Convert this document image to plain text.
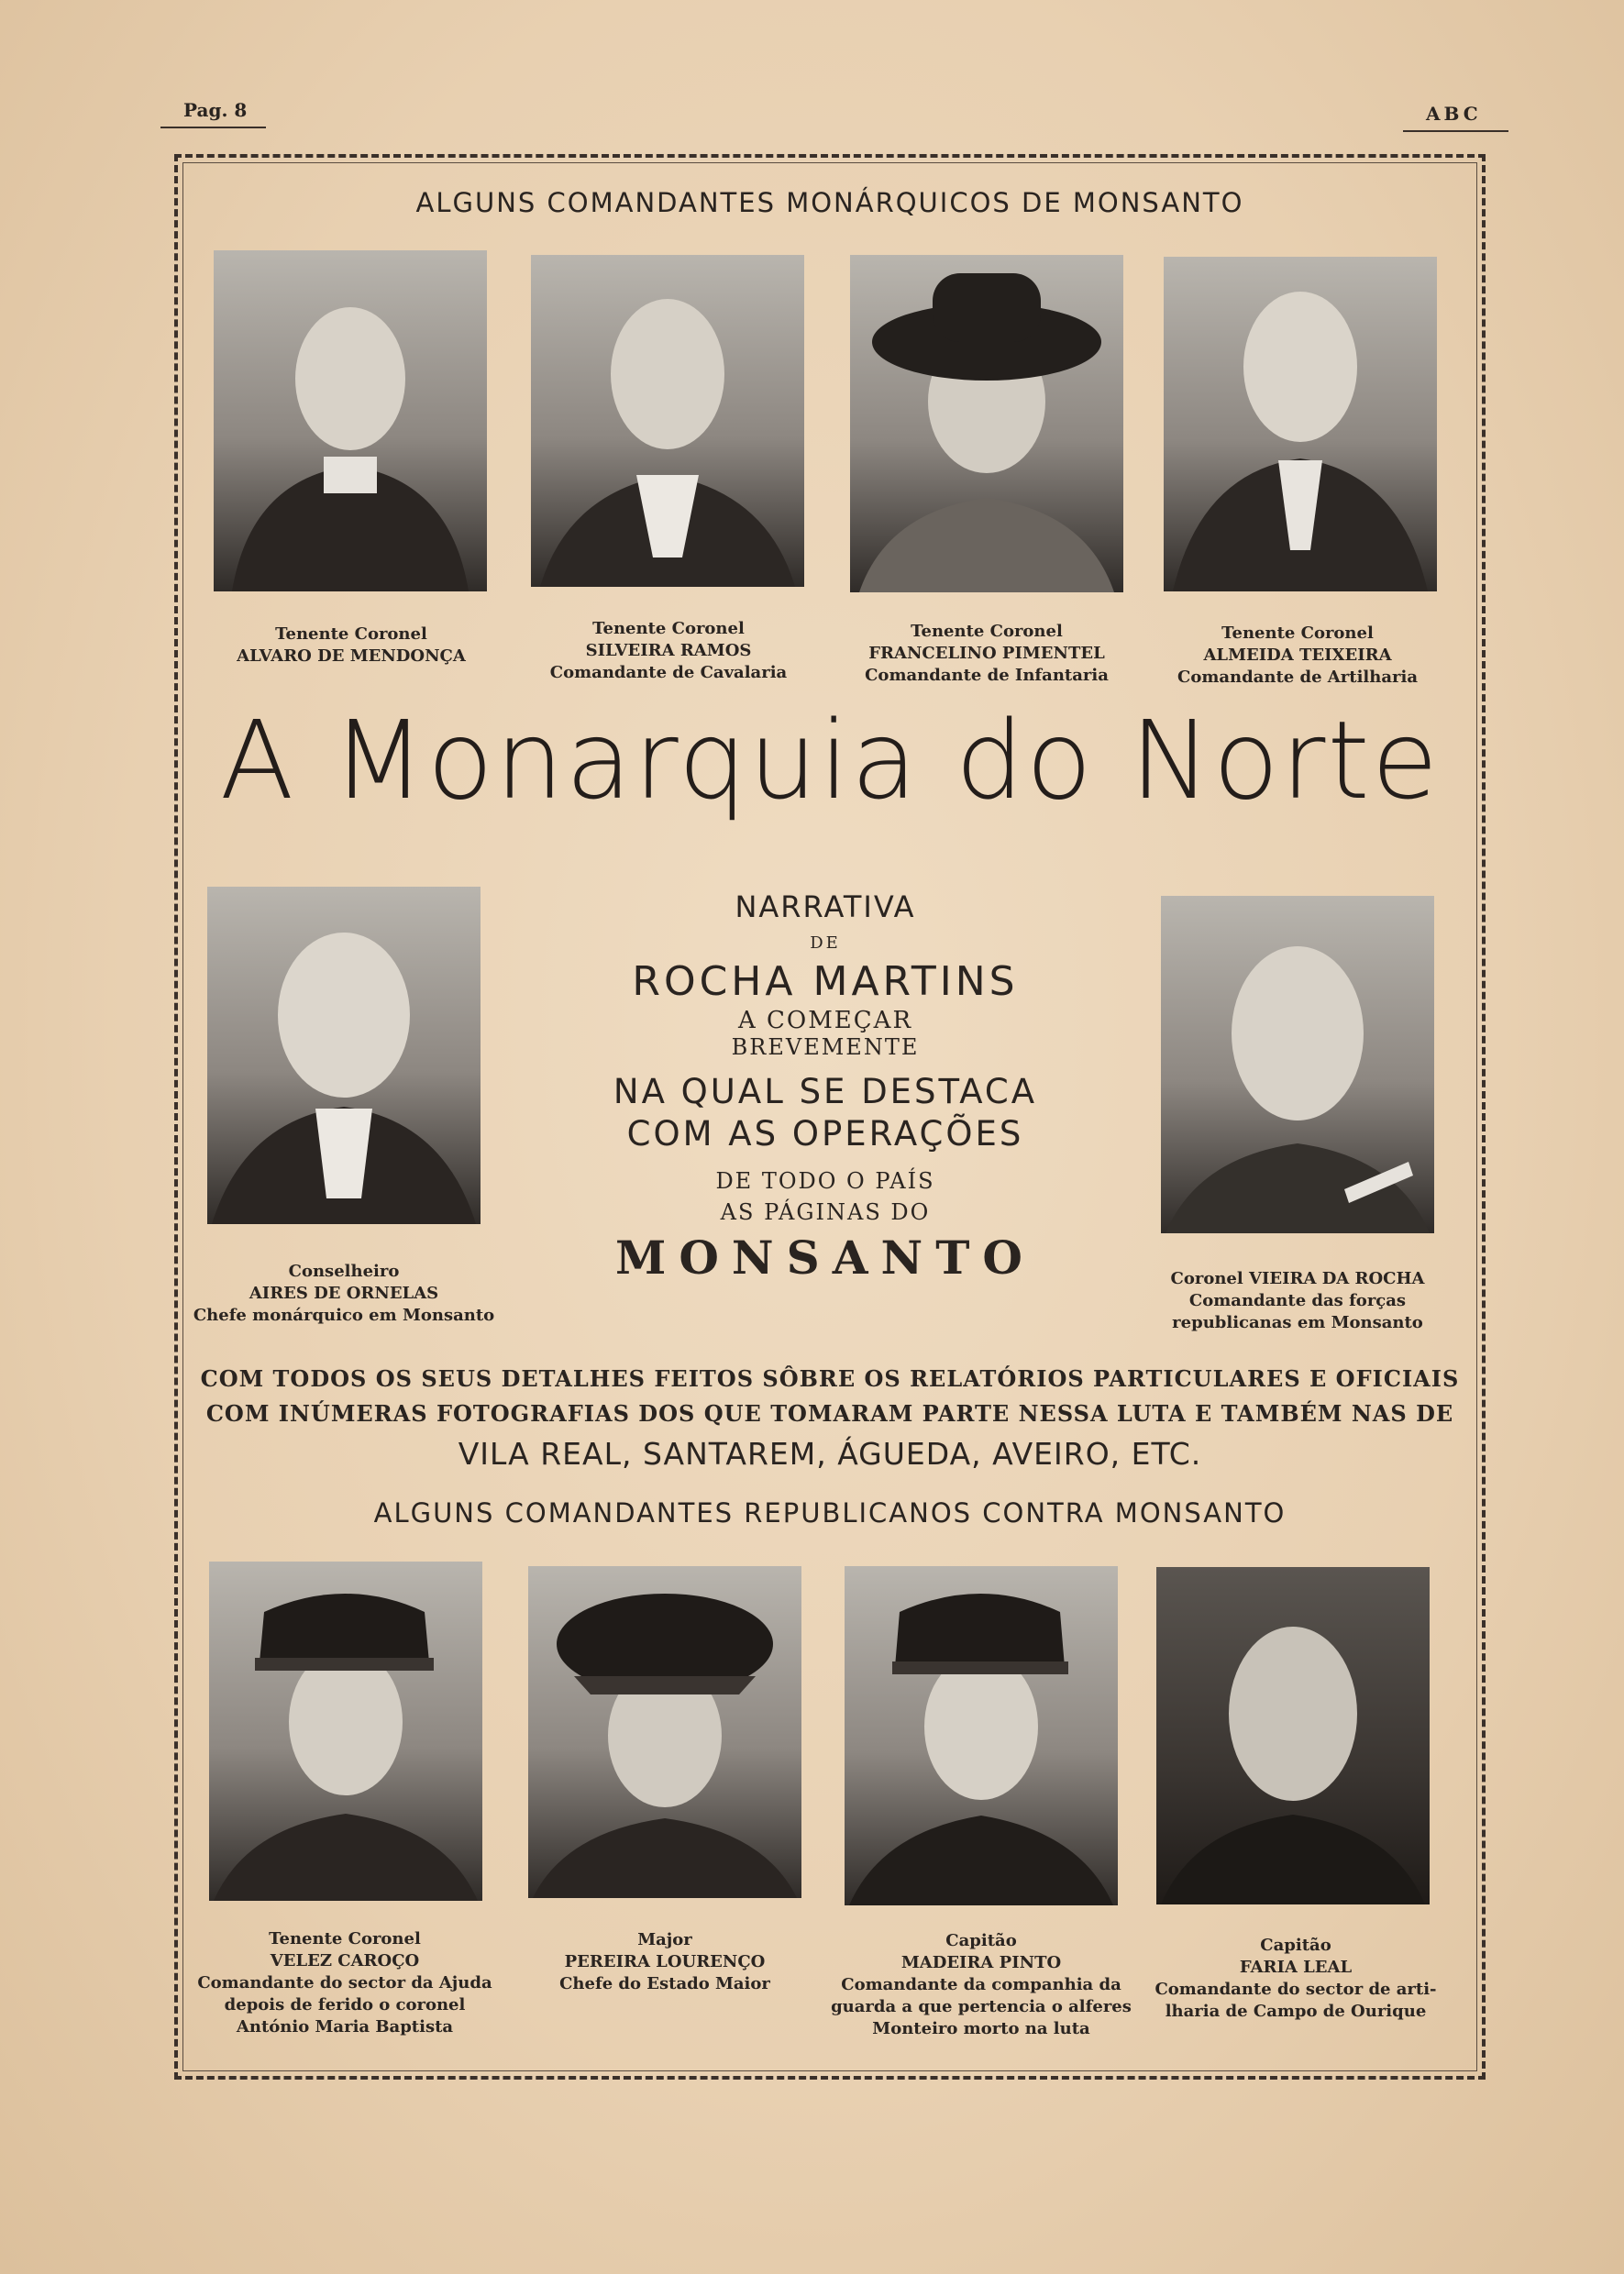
Pag. 8	ABC
ALGUNS COMANDANTES MONÁRQUICOS DE MONSANTO
Tenente Coronel
ALVARO DE MENDONÇA
Tenente Coronel
SILVEIRA RAMOS
Comandante de Cavalaria
Tenente Coronel
FRANCELINO PIMENTEL
Comandante de Infantaria
Tenente Coronel
ALMEIDA TEIXEIRA
Comandante de Artilharia
A Monarquia do Norte
Conselheiro
AIRES DE ORNELAS
Chefe monárquico em Monsanto
Coronel VIEIRA DA ROCHA
Comandante das forças
republicanas em Monsanto
NARRATIVA
DE
ROCHA MARTINS
A COMEÇAR
BREVEMENTE
NA QUAL SE DESTACA
COM AS OPERAÇÕES
DE TODO O PAÍS
AS PÁGINAS DO
MONSANTO
COM TODOS OS SEUS DETALHES FEITOS SÔBRE OS RELATÓRIOS PARTICULARES E OFICIAIS
COM INÚMERAS FOTOGRAFIAS DOS QUE TOMARAM PARTE NESSA LUTA E TAMBÉM NAS DE
VILA REAL, SANTAREM, ÁGUEDA, AVEIRO, ETC.
ALGUNS COMANDANTES REPUBLICANOS CONTRA MONSANTO
Tenente Coronel
VELEZ CAROÇO
Comandante do sector da Ajuda
depois de ferido o coronel
António Maria Baptista
Major
PEREIRA LOURENÇO
Chefe do Estado Maior
Capitão
MADEIRA PINTO
Comandante da companhia da
guarda a que pertencia o alferes
Monteiro morto na luta
Capitão
FARIA LEAL
Comandante do sector de arti-
lharia de Campo de Ourique
